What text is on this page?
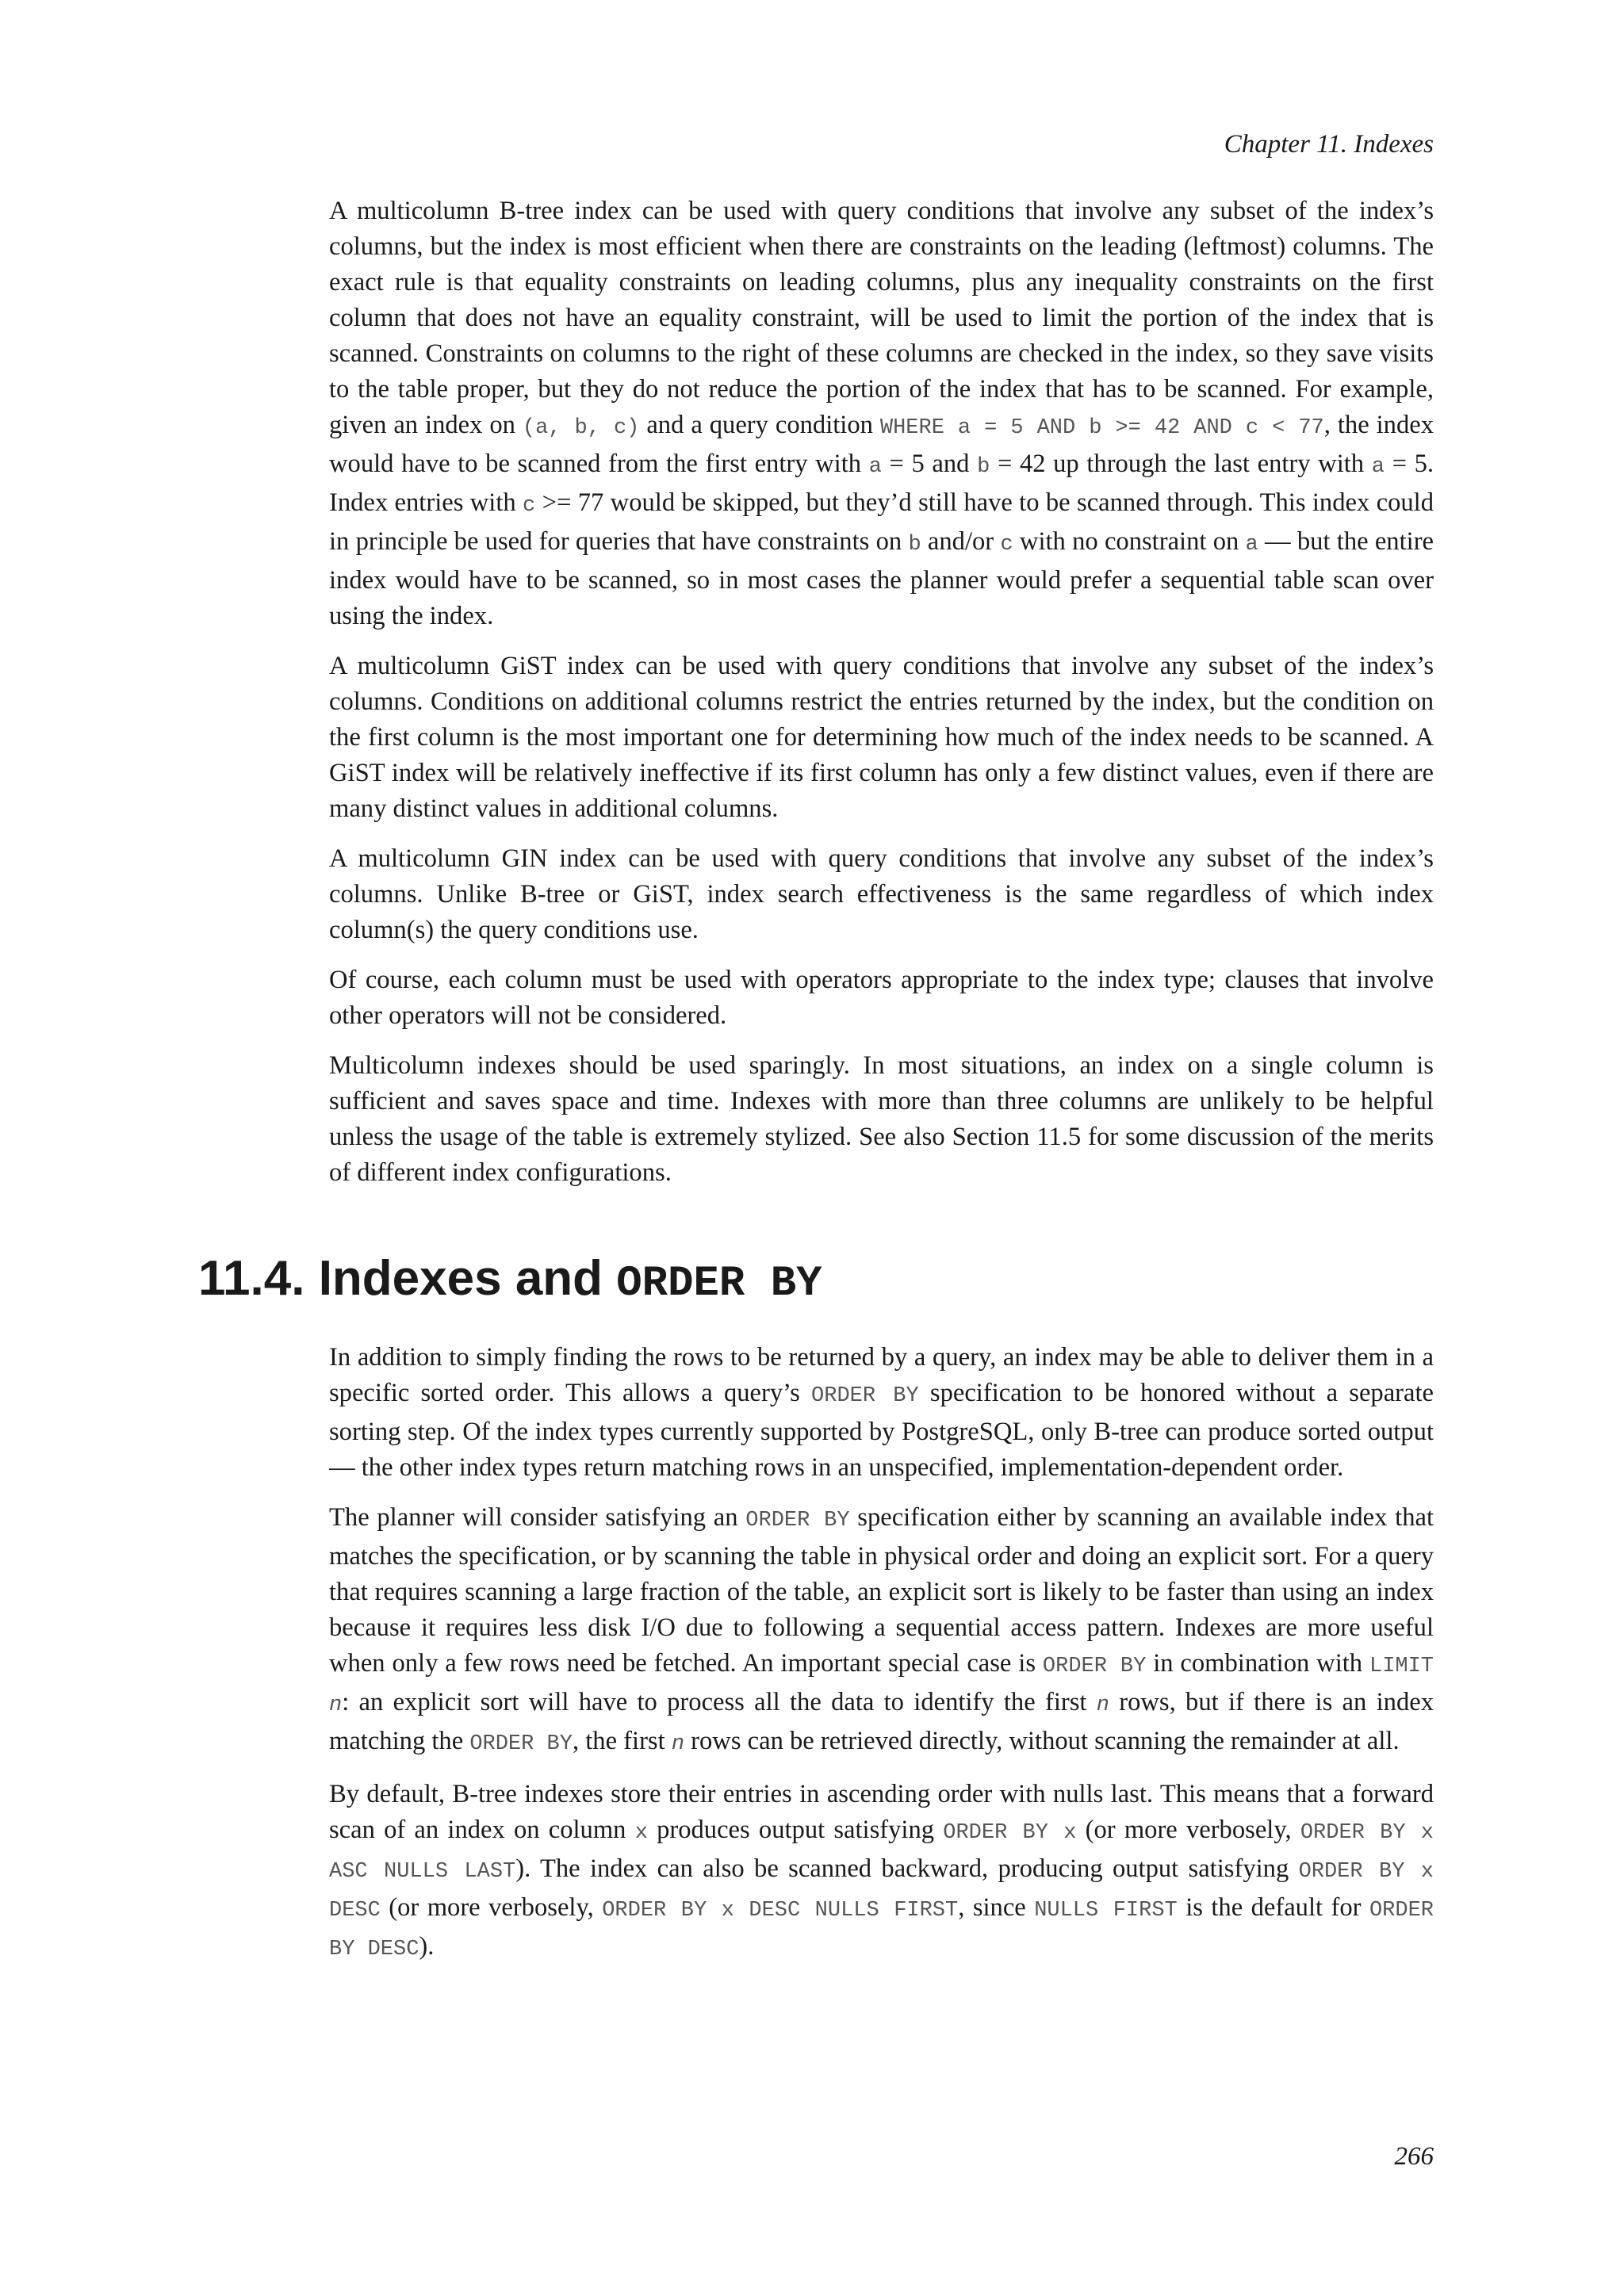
Chapter 11. Indexes

A multicolumn B-tree index can be used with query conditions that involve any subset of the index’s columns, but the index is most efficient when there are constraints on the leading (leftmost) columns. The exact rule is that equality constraints on leading columns, plus any inequality constraints on the first column that does not have an equality constraint, will be used to limit the portion of the index that is scanned. Constraints on columns to the right of these columns are checked in the index, so they save visits to the table proper, but they do not reduce the portion of the index that has to be scanned. For example, given an index on (a, b, c) and a query condition WHERE a = 5 AND b >= 42 AND c < 77, the index would have to be scanned from the first entry with a = 5 and b = 42 up through the last entry with a = 5. Index entries with c >= 77 would be skipped, but they’d still have to be scanned through. This index could in principle be used for queries that have constraints on b and/or c with no constraint on a — but the entire index would have to be scanned, so in most cases the planner would prefer a sequential table scan over using the index.

A multicolumn GiST index can be used with query conditions that involve any subset of the index’s columns. Conditions on additional columns restrict the entries returned by the index, but the condition on the first column is the most important one for determining how much of the index needs to be scanned. A GiST index will be relatively ineffective if its first column has only a few distinct values, even if there are many distinct values in additional columns.

A multicolumn GIN index can be used with query conditions that involve any subset of the index’s columns. Unlike B-tree or GiST, index search effectiveness is the same regardless of which index column(s) the query conditions use.

Of course, each column must be used with operators appropriate to the index type; clauses that involve other operators will not be considered.

Multicolumn indexes should be used sparingly. In most situations, an index on a single column is sufficient and saves space and time. Indexes with more than three columns are unlikely to be helpful unless the usage of the table is extremely stylized. See also Section 11.5 for some discussion of the merits of different index configurations.

11.4. Indexes and ORDER BY

In addition to simply finding the rows to be returned by a query, an index may be able to deliver them in a specific sorted order. This allows a query’s ORDER BY specification to be honored without a separate sorting step. Of the index types currently supported by PostgreSQL, only B-tree can produce sorted output — the other index types return matching rows in an unspecified, implementation-dependent order.

The planner will consider satisfying an ORDER BY specification either by scanning an available index that matches the specification, or by scanning the table in physical order and doing an explicit sort. For a query that requires scanning a large fraction of the table, an explicit sort is likely to be faster than using an index because it requires less disk I/O due to following a sequential access pattern. Indexes are more useful when only a few rows need be fetched. An important special case is ORDER BY in combination with LIMIT n: an explicit sort will have to process all the data to identify the first n rows, but if there is an index matching the ORDER BY, the first n rows can be retrieved directly, without scanning the remainder at all.

By default, B-tree indexes store their entries in ascending order with nulls last. This means that a forward scan of an index on column x produces output satisfying ORDER BY x (or more verbosely, ORDER BY x ASC NULLS LAST). The index can also be scanned backward, producing output satisfying ORDER BY x DESC (or more verbosely, ORDER BY x DESC NULLS FIRST, since NULLS FIRST is the default for ORDER BY DESC).

266
